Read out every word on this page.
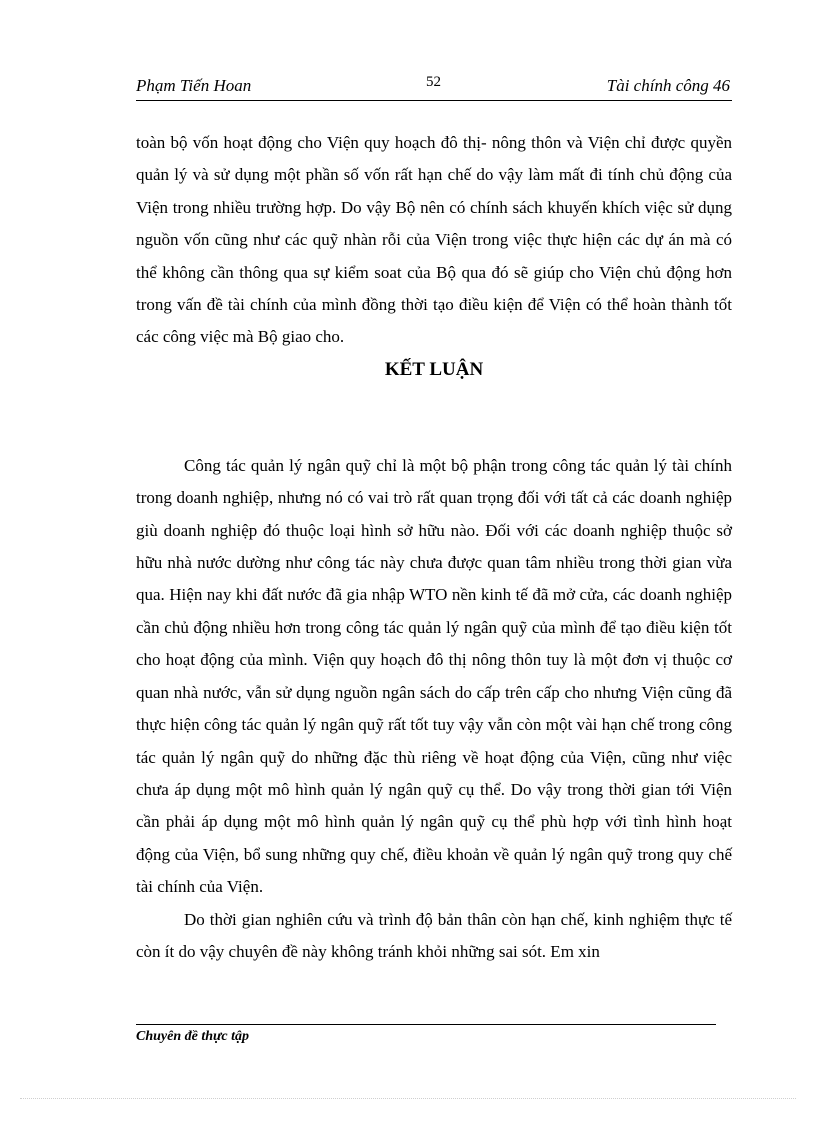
Phạm Tiến Hoan	52	Tài chính công 46

toàn bộ vốn hoạt động cho Viện quy hoạch đô thị- nông thôn và Viện chỉ được quyền quản lý và sử dụng một phần số vốn rất hạn chế do vậy làm mất đi tính chủ động của Viện trong nhiều trường hợp. Do vậy Bộ nên có chính sách khuyến khích việc sử dụng nguồn vốn cũng như các quỹ nhàn rỗi của Viện trong việc thực hiện các dự án mà có thể không cần thông qua sự kiểm soat của Bộ qua đó sẽ giúp cho Viện chủ động hơn trong vấn đề tài chính của mình đồng thời tạo điều kiện để Viện có thể hoàn thành tốt các công việc mà Bộ giao cho.

KẾT LUẬN

Công tác quản lý ngân quỹ chỉ là một bộ phận trong công tác quản lý tài chính trong doanh nghiệp, nhưng nó có vai trò rất quan trọng đối với tất cả các doanh nghiệp giù doanh nghiệp đó thuộc loại hình sở hữu nào. Đối với các doanh nghiệp thuộc sở hữu nhà nước dường như công tác này chưa được quan tâm nhiều trong thời gian vừa qua. Hiện nay khi đất nước đã gia nhập WTO nền kinh tế đã mở cửa, các doanh nghiệp cần chủ động nhiều hơn trong công tác quản lý ngân quỹ của mình để tạo điều kiện tốt cho hoạt động của mình. Viện quy hoạch đô thị nông thôn tuy là một đơn vị thuộc cơ quan nhà nước, vẫn sử dụng nguồn ngân sách do cấp trên cấp cho nhưng Viện cũng đã thực hiện công tác quản lý ngân quỹ rất tốt tuy vậy vẫn còn một vài hạn chế trong công tác quản lý ngân quỹ do những đặc thù riêng về hoạt động của Viện, cũng như việc chưa áp dụng một mô hình quản lý ngân quỹ cụ thể. Do vậy trong thời gian tới Viện cần phải áp dụng một mô hình quản lý ngân quỹ cụ thể phù hợp với tình hình hoạt động của Viện, bổ sung những quy chế, điều khoản về quản lý ngân quỹ trong quy chế tài chính của Viện.

Do thời gian nghiên cứu và trình độ bản thân còn hạn chế, kinh nghiệm thực tế còn ít do vậy chuyên đề này không tránh khỏi những sai sót. Em xin

Chuyên đề thực tập
